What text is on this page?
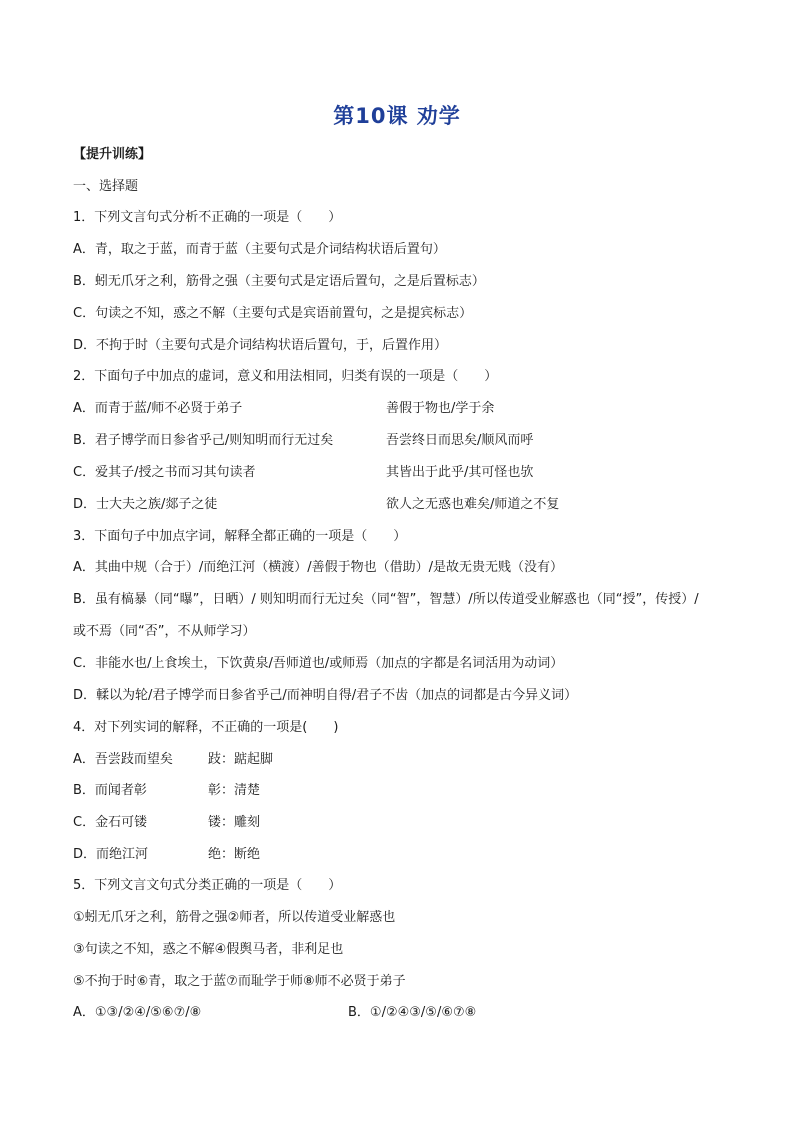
第10课 劝学
【提升训练】
一、选择题
1．下列文言句式分析不正确的一项是（　　）
A．青，取之于蓝，而青于蓝（主要句式是介词结构状语后置句）
B．蚓无爪牙之利，筋骨之强（主要句式是定语后置句，之是后置标志）
C．句读之不知，惑之不解（主要句式是宾语前置句，之是提宾标志）
D．不拘于时（主要句式是介词结构状语后置句，于，后置作用）
2．下面句子中加点的虚词，意义和用法相同，归类有误的一项是（　　）
A．而青于蓝/师不必贤于弟子	善假于物也/学于余
B．君子博学而日参省乎己/则知明而行无过矣	吾尝终日而思矣/顺风而呼
C．爱其子/授之书而习其句读者	其皆出于此乎/其可怪也欤
D．士大夫之族/郯子之徒	欲人之无惑也难矣/师道之不复
3．下面句子中加点字词，解释全都正确的一项是（　　）
A．其曲中规（合于）/而绝江河（横渡）/善假于物也（借助）/是故无贵无贱（没有）
B．虽有槁暴（同“曝”，日晒）/ 则知明而行无过矣（同“智”，智慧）/所以传道受业解惑也（同“授”，传授）/
或不焉（同“否”，不从师学习）
C．非能水也/上食埃土，下饮黄泉/吾师道也/或师焉（加点的字都是名词活用为动词）
D．輮以为轮/君子博学而日参省乎己/而神明自得/君子不齿（加点的词都是古今异义词）
4．对下列实词的解释，不正确的一项是(　　)
A．吾尝跂而望矣	跂：踮起脚
B．而闻者彰	彰：清楚
C．金石可镂	镂：雕刻
D．而绝江河	绝：断绝
5．下列文言文句式分类正确的一项是（　　）
①蚓无爪牙之利，筋骨之强②师者，所以传道受业解惑也
③句读之不知，惑之不解④假舆马者，非利足也
⑤不拘于时⑥青，取之于蓝⑦而耻学于师⑧师不必贤于弟子
A．①③/②④/⑤⑥⑦/⑧	B．①/②④③/⑤/⑥⑦⑧
